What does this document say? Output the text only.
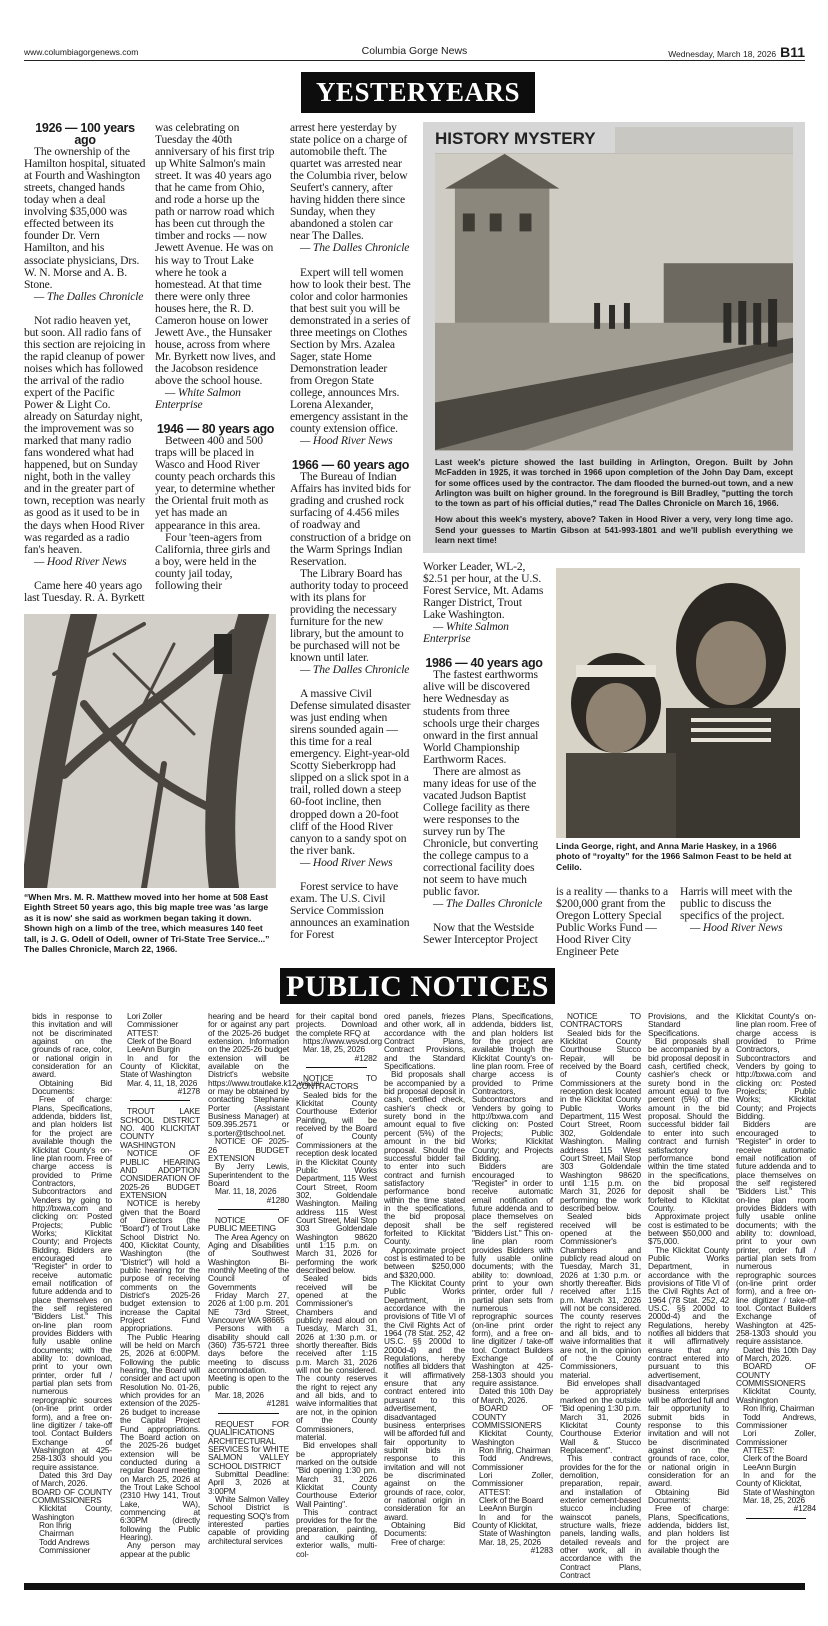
www.columbiagorgenews.com	Columbia Gorge News	Wednesday, March 18, 2026 B11
YESTERYEARS
1926 — 100 years ago
The ownership of the Hamilton hospital, situated at Fourth and Washington streets, changed hands today when a deal involving $35,000 was effected between its founder Dr. Vern Hamilton, and his associate physicians, Drs. W. N. Morse and A. B. Stone.
— The Dalles Chronicle
Not radio heaven yet, but soon. All radio fans of this section are rejoicing in the rapid cleanup of power noises which has followed the arrival of the radio expert of the Pacific Power & Light Co. already on Saturday night, the improvement was so marked that many radio fans wondered what had happened, but on Sunday night, both in the valley and in the greater part of town, reception was nearly as good as it used to be in the days when Hood River was regarded as a radio fan's heaven.
— Hood River News
Came here 40 years ago last Tuesday. R. A. Byrkett
was celebrating on Tuesday the 40th anniversary of his first trip up White Salmon's main street. It was 40 years ago that he came from Ohio, and rode a horse up the path or narrow road which has been cut through the timber and rocks — now Jewett Avenue. He was on his way to Trout Lake where he took a homestead. At that time there were only three houses here, the R. D. Cameron house on lower Jewett Ave., the Hunsaker house, across from where Mr. Byrkett now lives, and the Jacobson residence above the school house.
— White Salmon Enterprise
1946 — 80 years ago
Between 400 and 500 traps will be placed in Wasco and Hood River county peach orchards this year, to determine whether the Oriental fruit moth as yet has made an appearance in this area.
Four 'teen-agers from California, three girls and a boy, were held in the county jail today, following their
arrest here yesterday by state police on a charge of automobile theft. The quartet was arrested near the Columbia river, below Seufert's cannery, after having hidden there since Sunday, when they abandoned a stolen car near The Dalles.
— The Dalles Chronicle
Expert will tell women how to look their best. The color and color harmonies that best suit you will be demonstrated in a series of three meetings on Clothes Section by Mrs. Azalea Sager, state Home Demonstration leader from Oregon State college, announces Mrs. Lorena Alexander, emergency assistant in the county extension office.
— Hood River News
1966 — 60 years ago
The Bureau of Indian Affairs has invited bids for grading and crushed rock surfacing of 4.456 miles of roadway and construction of a bridge on the Warm Springs Indian Reservation.
The Library Board has authority today to proceed with its plans for providing the necessary furniture for the new library, but the amount to be purchased will not be known until later.
— The Dalles Chronicle
A massive Civil Defense simulated disaster was just ending when sirens sounded again — this time for a real emergency. Eight-year-old Scotty Sieberkropp had slipped on a slick spot in a trail, rolled down a steep 60-foot incline, then dropped down a 20-foot cliff of the Hood River canyon to a sandy spot on the river bank.
— Hood River News
Forest service to have exam. The U.S. Civil Service Commission announces an examination for Forest
Worker Leader, WL-2, $2.51 per hour, at the U.S. Forest Service, Mt. Adams Ranger District, Trout Lake Washington.
— White Salmon Enterprise
1986 — 40 years ago
The fastest earthworms alive will be discovered here Wednesday as students from three schools urge their charges onward in the first annual World Championship Earthworm Races.
There are almost as many ideas for use of the vacated Judson Baptist College facility as there were responses to the survey run by The Chronicle, but converting the college campus to a correctional facility does not seem to have much public favor.
— The Dalles Chronicle
Now that the Westside Sewer Interceptor Project
is a reality — thanks to a $200,000 grant from the Oregon Lottery Special Public Works Fund — Hood River City Engineer Pete
Harris will meet with the public to discuss the specifics of the project.
— Hood River News
HISTORY MYSTERY
Last week's picture showed the last building in Arlington, Oregon. Built by John McFadden in 1925, it was torched in 1966 upon completion of the John Day Dam, except for some offices used by the contractor. The dam flooded the burned-out town, and a new Arlington was built on higher ground. In the foreground is Bill Bradley, "putting the torch to the town as part of his official duties," read The Dalles Chronicle on March 16, 1966.
How about this week's mystery, above? Taken in Hood River a very, very long time ago. Send your guesses to Martin Gibson at 541-993-1801 and we'll publish everything we learn next time!
“When Mrs. M. R. Matthew moved into her home at 508 East Eighth Street 50 years ago, this big maple tree was 'as large as it is now' she said as workmen began taking it down. Shown high on a limb of the tree, which measures 140 feet tall, is J. G. Odell of Odell, owner of Tri-State Tree Service...” The Dalles Chronicle, March 22, 1966.
Linda George, right, and Anna Marie Haskey, in a 1966 photo of “royalty” for the 1966 Salmon Feast to be held at Celilo.
PUBLIC NOTICES
bids in response to this invitation and will not be discriminated against on the grounds of race, color, or national origin in consideration for an award.
Obtaining Bid Documents:
Free of charge: Plans, Specifications, addenda, bidders list, and plan holders list for the project are available though the Klickitat County's on-line plan room. Free of charge access is provided to Prime Contractors, Subcontractors and Venders by going to http://bxwa.com and clicking on: Posted Projects; Public Works; Klickitat County; and Projects Bidding. Bidders are encouraged to "Register" in order to receive automatic email notification of future addenda and to place themselves on the self registered "Bidders List." This on-line plan room provides Bidders with fully usable online documents; with the ability to: download, print to your own printer, order full / partial plan sets from numerous reprographic sources (on-line print order form), and a free on-line digitizer / take-off tool. Contact Builders Exchange of Washington at 425-258-1303 should you require assistance.
Dated this 3rd Day of March, 2026.
BOARD OF COUNTY COMMISSIONERS
Klickitat County, Washington
Ron Ihrig
Chairman
Todd Andrews
Commissioner
Lori Zoller
Commissioner
ATTEST:
Clerk of the Board
LeeAnn Burgin
In and for the County of Klickitat, State of Washington
Mar. 4, 11, 18, 2026
#1278
TROUT LAKE SCHOOL DISTRICT NO. 400 KLICKITAT COUNTY WASHINGTON
NOTICE OF PUBLIC HEARING AND ADOPTION CONSIDERATION OF 2025-26 BUDGET EXTENSION
NOTICE is hereby given that the Board of Directors (the "Board") of Trout Lake School District No. 400, Klickitat County, Washington (the "District") will hold a public hearing for the purpose of receiving comments on the District's 2025-26 budget extension to increase the Capital Project Fund appropriations.
The Public Hearing will be held on March 25, 2026 at 6:00PM. Following the public hearing, the Board will consider and act upon Resolution No. 01-26, which provides for an extension of the 2025-26 budget to increase the Capital Project Fund appropriations. The Board action on the 2025-26 budget extension will be conducted during a regular Board meeting on March 25, 2026 at the Trout Lake School (2310 Hwy 141, Trout Lake, WA), commencing at 6:30PM (directly following the Public Hearing).
Any person may appear at the public
hearing and be heard for or against any part of the 2025-26 budget extension. Information on the 2025-26 budget extension will be available on the District's website https://www.troutlake.k12.wa.us/ or may be obtained by contacting Stephanie Porter (Assistant Business Manager) at 509.395.2571 or s.porter@tlschool.net.
NOTICE OF 2025-26 BUDGET EXTENSION
By Jerry Lewis, Superintendent to the Board
Mar. 11, 18, 2026
#1280
NOTICE OF PUBLIC MEETING
The Area Agency on Aging and Disabilities of Southwest Washington Bi-monthly Meeting of the Council of Governments
Friday March 27, 2026 at 1:00 p.m. 201 NE 73rd Street, Vancouver WA 98665
Persons with a disability should call (360) 735-5721 three days before the meeting to discuss accommodation. Meeting is open to the public
Mar. 18, 2026
#1281
REQUEST FOR QUALIFICATIONS ARCHITECTURAL SERVICES for WHITE SALMON VALLEY SCHOOL DISTRICT
Submittal Deadline: April 3, 2026 at 3:00PM
White Salmon Valley School District is requesting SOQ's from interested parties capable of providing architectural services
for their capital bond projects. Download the complete RFQ at
https://www.wsvsd.org
Mar. 18, 25, 2026
#1282
NOTICE TO CONTRACTORS
Sealed bids for the Klickitat County Courthouse Exterior Painting, will be received by the Board of County Commissioners at the reception desk located in the Klickitat County Public Works Department, 115 West Court Street, Room 302, Goldendale Washington. Mailing address 115 West Court Street, Mail Stop 303 Goldendale Washington 98620 until 1:15 p.m. on March 31, 2026 for performing the work described below.
Sealed bids received will be opened at the Commissioner's Chambers and publicly read aloud on Tuesday, March 31, 2026 at 1:30 p.m. or shortly thereafter. Bids received after 1:15 p.m. March 31, 2026 will not be considered. The county reserves the right to reject any and all bids, and to waive informalities that are not, in the opinion of the County Commissioners, material.
Bid envelopes shall be appropriately marked on the outside "Bid opening 1:30 pm. March 31, 2026 Klickitat County Courthouse Exterior Wall Painting".
This contract provides for the for the preparation, painting, and caulking of exterior walls, multi-col-
ored panels, friezes and other work, all in accordance with the Contract Plans, Contract Provisions, and the Standard Specifications.
Bid proposals shall be accompanied by a bid proposal deposit in cash, certified check, cashier's check or surety bond in the amount equal to five percent (5%) of the amount in the bid proposal. Should the successful bidder fail to enter into such contract and furnish satisfactory performance bond within the time stated in the specifications, the bid proposal deposit shall be forfeited to Klickitat County.
Approximate project cost is estimated to be between $250,000 and $320,000.
The Klickitat County Public Works Department, in accordance with the provisions of Title VI of the Civil Rights Act of 1964 (78 Stat. 252, 42 US.C. §§ 2000d to 2000d-4) and the Regulations, hereby notifies all bidders that it will affirmatively ensure that any contract entered into pursuant to this advertisement, disadvantaged business enterprises will be afforded full and fair opportunity to submit bids in response to this invitation and will not be discriminated against on the grounds of race, color, or national origin in consideration for an award.
Obtaining Bid Documents:
Free of charge:
Plans, Specifications, addenda, bidders list, and plan holders list for the project are available though the Klickitat County's on-line plan room. Free of charge access is provided to Prime Contractors, Subcontractors and Venders by going to http://bxwa.com and clicking on: Posted Projects; Public Works; Klickitat County; and Projects Bidding.
Bidders are encouraged to "Register" in order to receive automatic email notification of future addenda and to place themselves on the self registered "Bidders List." This on-line plan room provides Bidders with fully usable online documents; with the ability to: download, print to your own printer, order full / partial plan sets from numerous reprographic sources (on-line print order form), and a free on-line digitizer / take-off tool. Contact Builders Exchange of Washington at 425-258-1303 should you require assistance.
Dated this 10th Day of March, 2026.
BOARD OF COUNTY COMMISSIONERS
Klickitat County, Washington
Ron Ihrig, Chairman
Todd Andrews, Commissioner
Lori Zoller, Commissioner
ATTEST:
Clerk of the Board
LeeAnn Burgin
In and for the County of Klickitat,
State of Washington
Mar. 18, 25, 2026
#1283
NOTICE TO CONTRACTORS
Sealed bids for the Klickitat County Courthouse Stucco Repair, will be received by the Board of County Commissioners at the reception desk located in the Klickitat County Public Works Department, 115 West Court Street, Room 302, Goldendale Washington. Mailing address 115 West Court Street, Mail Stop 303 Goldendale Washington 98620 until 1:15 p.m. on March 31, 2026 for performing the work described below.
Sealed bids received will be opened at the Commissioner's Chambers and publicly read aloud on Tuesday, March 31, 2026 at 1:30 p.m. or shortly thereafter. Bids received after 1:15 p.m. March 31, 2026 will not be considered. The county reserves the right to reject any and all bids, and to waive informalities that are not, in the opinion of the County Commissioners, material.
Bid envelopes shall be appropriately marked on the outside "Bid opening 1:30 p.m. March 31, 2026 Klickitat County Courthouse Exterior Wall & Stucco Replacement".
This contract provides for the for the demolition, preparation, repair, and installation of exterior cement-based stucco including wainscot panels, structure walls, frieze panels, landing walls, detailed reveals and other work, all in accordance with the Contract Plans, Contract
Provisions, and the Standard Specifications.
Bid proposals shall be accompanied by a bid proposal deposit in cash, certified check, cashier's check or surety bond in the amount equal to five percent (5%) of the amount in the bid proposal. Should the successful bidder fail to enter into such contract and furnish satisfactory performance bond within the time stated in the specifications, the bid proposal deposit shall be forfeited to Klickitat County.
Approximate project cost is estimated to be between $50,000 and $75,000.
The Klickitat County Public Works Department, in accordance with the provisions of Title VI of the Civil Rights Act of 1964 (78 Stat. 252, 42 US.C. §§ 2000d to 2000d-4) and the Regulations, hereby notifies all bidders that it will affirmatively ensure that any contract entered into pursuant to this advertisement, disadvantaged business enterprises will be afforded full and fair opportunity to submit bids in response to this invitation and will not be discriminated against on the grounds of race, color, or national origin in consideration for an award.
Obtaining Bid Documents:
Free of charge: Plans, Specifications, addenda, bidders list, and plan holders list for the project are available though the
Klickitat County's on-line plan room. Free of charge access is provided to Prime Contractors, Subcontractors and Venders by going to http://bxwa.com and clicking on: Posted Projects; Public Works; Klickitat County; and Projects Bidding.
Bidders are encouraged to "Register" in order to receive automatic email notification of future addenda and to place themselves on the self registered "Bidders List." This on-line plan room provides Bidders with fully usable online documents; with the ability to: download, print to your own printer, order full / partial plan sets from numerous reprographic sources (on-line print order form), and a free on-line digitizer / take-off tool. Contact Builders Exchange of Washington at 425-258-1303 should you require assistance.
Dated this 10th Day of March, 2026.
BOARD OF COUNTY COMMISSIONERS
Klickitat County, Washington
Ron Ihrig, Chairman
Todd Andrews, Commissioner
Lori Zoller, Commissioner
ATTEST:
Clerk of the Board
LeeAnn Burgin
In and for the County of Klickitat,
State of Washington
Mar. 18, 25, 2026
#1284
